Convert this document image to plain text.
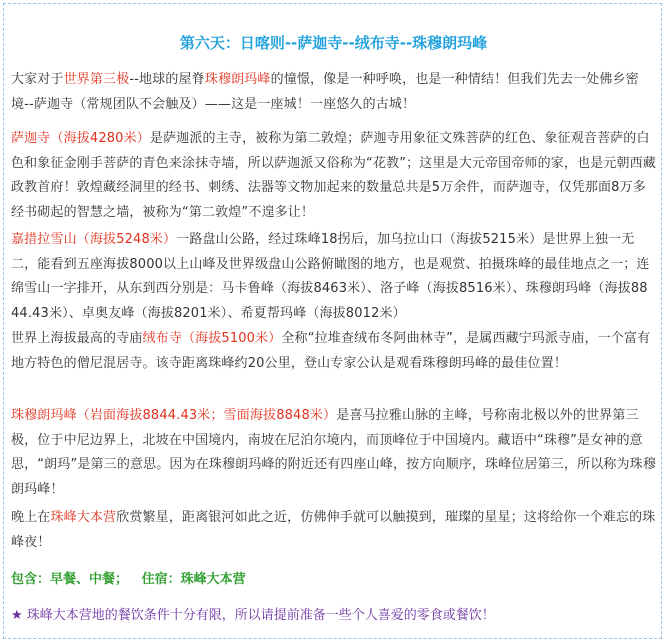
第六天：日喀则--萨迦寺--绒布寺--珠穆朗玛峰
大家对于世界第三极--地球的屋脊珠穆朗玛峰的憧憬，像是一种呼唤，也是一种情结！但我们先去一处佛乡密境--萨迦寺（常规团队不会触及）——这是一座城！一座悠久的古城！
萨迦寺（海拔4280米）是萨迦派的主寺，被称为第二敦煌；萨迦寺用象征文殊菩萨的红色、象征观音菩萨的白色和象征金刚手菩萨的青色来涂抹寺墙，所以萨迦派又俗称为“花教”；这里是大元帝国帝师的家，也是元朝西藏政教首府！敦煌藏经洞里的经书、刺绣、法器等文物加起来的数量总共是5万余件，而萨迦寺，仅凭那面8万多经书砌起的智慧之墙，被称为“第二敦煌”不遑多让！
嘉措拉雪山（海拔5248米）一路盘山公路，经过珠峰18拐后，加乌拉山口（海拔5215米）是世界上独一无二，能看到五座海拔8000以上山峰及世界级盘山公路俯瞰图的地方，也是观赏、拍摄珠峰的最佳地点之一；连绵雪山一字排开，从东到西分别是：马卡鲁峰（海拔8463米）、洛子峰（海拔8516米）、珠穆朗玛峰（海拔8844.43米）、卓奥友峰（海拔8201米）、希夏帮玛峰（海拔8012米）
世界上海拔最高的寺庙绒布寺（海拔5100米）全称“拉堆查绒布冬阿曲林寺”，是属西藏宁玛派寺庙，一个富有地方特色的僧尼混居寺。该寺距离珠峰约20公里，登山专家公认是观看珠穆朗玛峰的最佳位置！
珠穆朗玛峰（岩面海拔8844.43米；雪面海拔8848米）是喜马拉雅山脉的主峰，号称南北极以外的世界第三极，位于中尼边界上，北坡在中国境内，南坡在尼泊尔境内，而顶峰位于中国境内。藏语中“珠穆”是女神的意思，“朗玛”是第三的意思。因为在珠穆朗玛峰的附近还有四座山峰，按方向顺序，珠峰位居第三，所以称为珠穆朗玛峰！
晚上在珠峰大本营欣赏繁星，距离银河如此之近，仿佛伸手就可以触摸到，璀璨的星星；这将给你一个难忘的珠峰夜！
包含：早餐、中餐； 住宿：珠峰大本营
★ 珠峰大本营地的餐饮条件十分有限，所以请提前准备一些个人喜爱的零食或餐饮！
